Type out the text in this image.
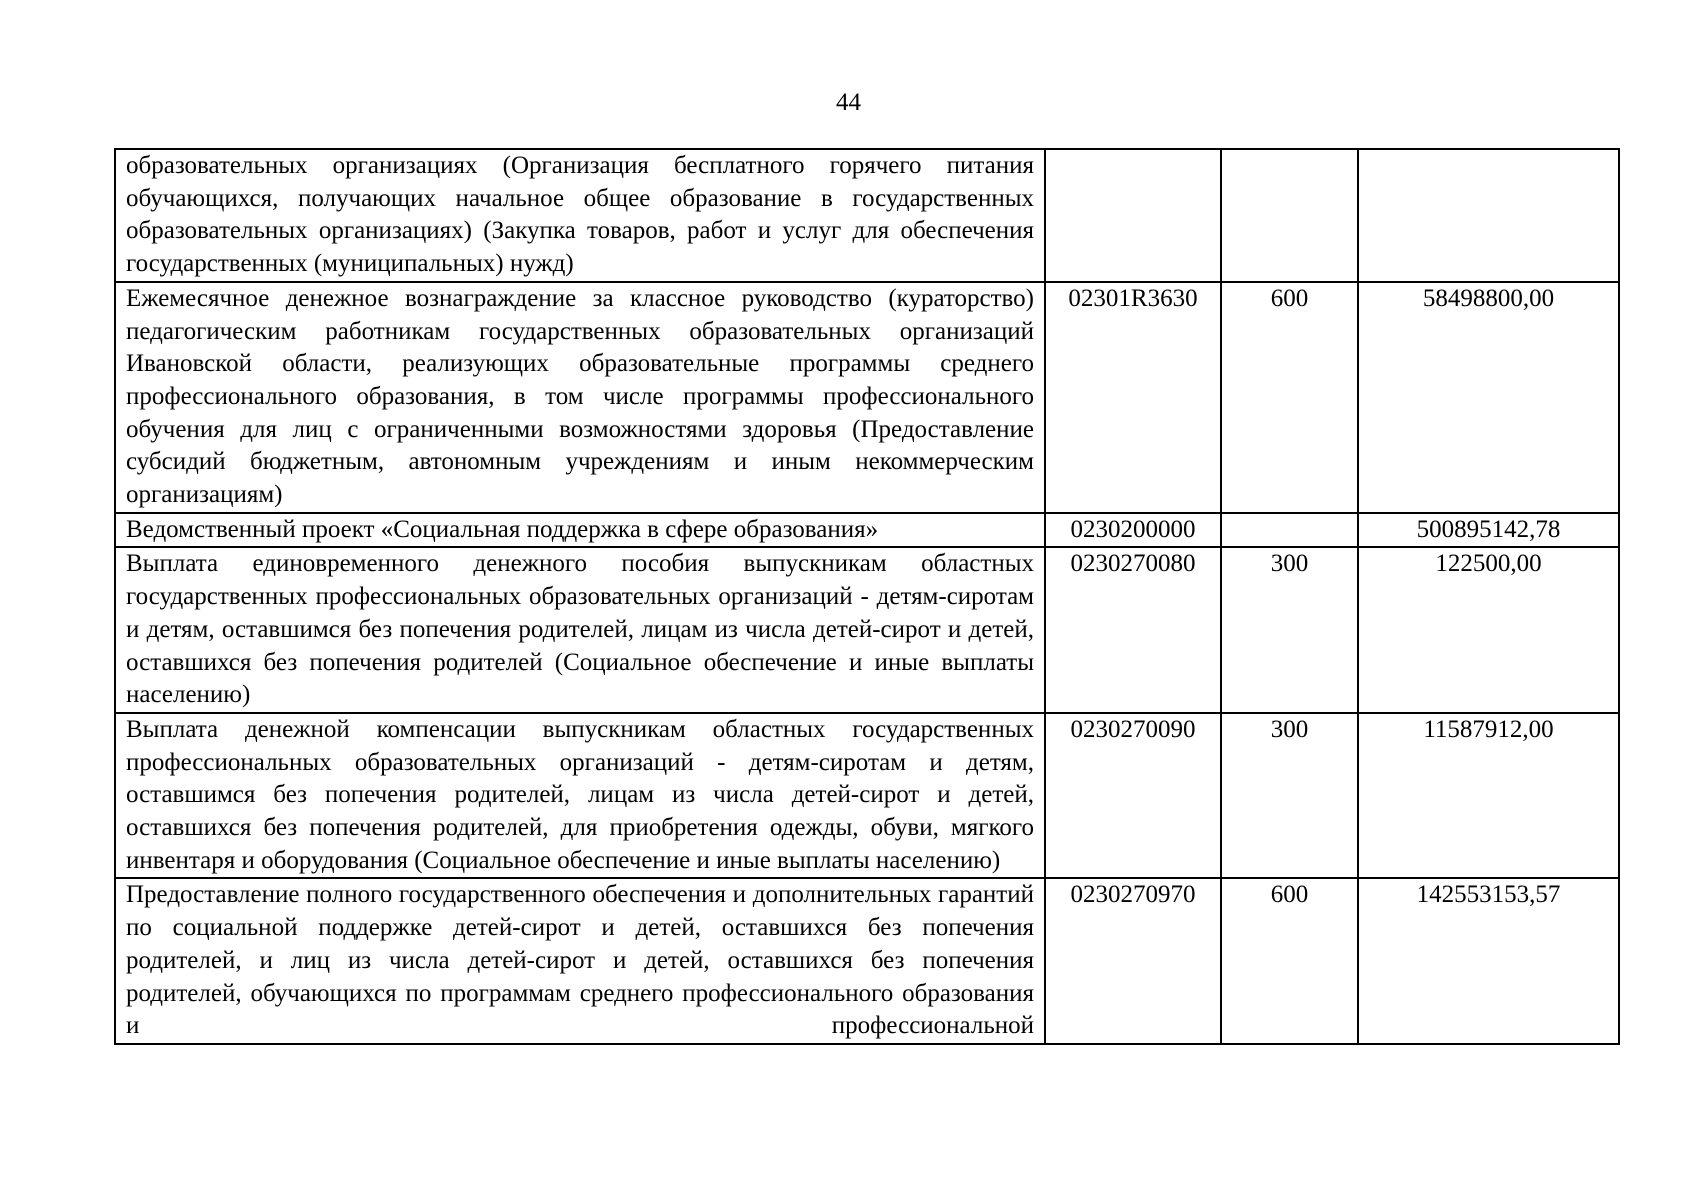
44
образовательных организациях (Организация бесплатного горячего питания обучающихся, получающих начальное общее образование в государственных образовательных организациях) (Закупка товаров, работ и услуг для обеспечения государственных (муниципальных) нужд)			
Ежемесячное денежное вознаграждение за классное руководство (кураторство) педагогическим работникам государственных образовательных организаций Ивановской области, реализующих образовательные программы среднего профессионального образования, в том числе программы профессионального обучения для лиц с ограниченными возможностями здоровья (Предоставление субсидий бюджетным, автономным учреждениям и иным некоммерческим организациям)	02301R3630	600	58498800,00
Ведомственный проект «Социальная поддержка в сфере образования»	0230200000		500895142,78
Выплата единовременного денежного пособия выпускникам областных государственных профессиональных образовательных организаций - детям-сиротам и детям, оставшимся без попечения родителей, лицам из числа детей-сирот и детей, оставшихся без попечения родителей (Социальное обеспечение и иные выплаты населению)	0230270080	300	122500,00
Выплата денежной компенсации выпускникам областных государственных профессиональных образовательных организаций - детям-сиротам и детям, оставшимся без попечения родителей, лицам из числа детей-сирот и детей, оставшихся без попечения родителей, для приобретения одежды, обуви, мягкого инвентаря и оборудования (Социальное обеспечение и иные выплаты населению)	0230270090	300	11587912,00
Предоставление полного государственного обеспечения и дополнительных гарантий по социальной поддержке детей-сирот и детей, оставшихся без попечения родителей, и лиц из числа детей-сирот и детей, оставшихся без попечения родителей, обучающихся по программам среднего профессионального образования и профессиональной	0230270970	600	142553153,57
